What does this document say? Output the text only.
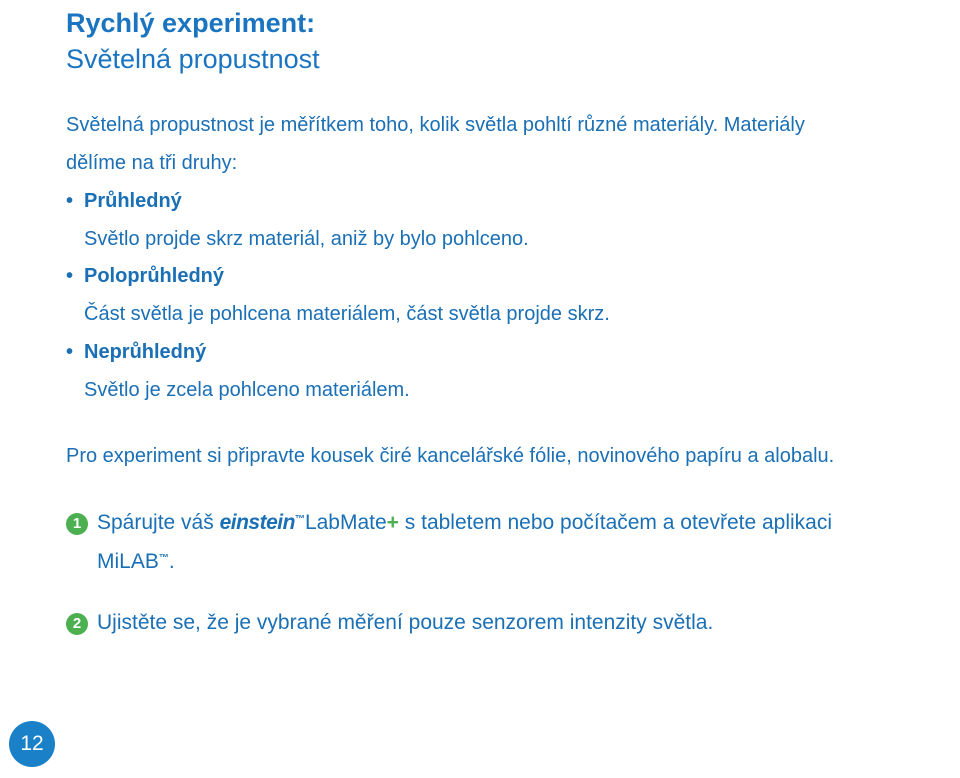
Rychlý experiment:
Světelná propustnost
Světelná propustnost je měřítkem toho, kolik světla pohltí různé materiály. Materiály
dělíme na tři druhy:
• Průhledný
Světlo projde skrz materiál, aniž by bylo pohlceno.
• Poloprůhledný
Část světla je pohlcena materiálem, část světla projde skrz.
• Neprůhledný
Světlo je zcela pohlceno materiálem.
Pro experiment si připravte kousek čiré kancelářské fólie, novinového papíru a alobalu.
1 Spárujte váš einstein™LabMate+ s tabletem nebo počítačem a otevřete aplikaci
MiLAB™.
2 Ujistěte se, že je vybrané měření pouze senzorem intenzity světla.
12
